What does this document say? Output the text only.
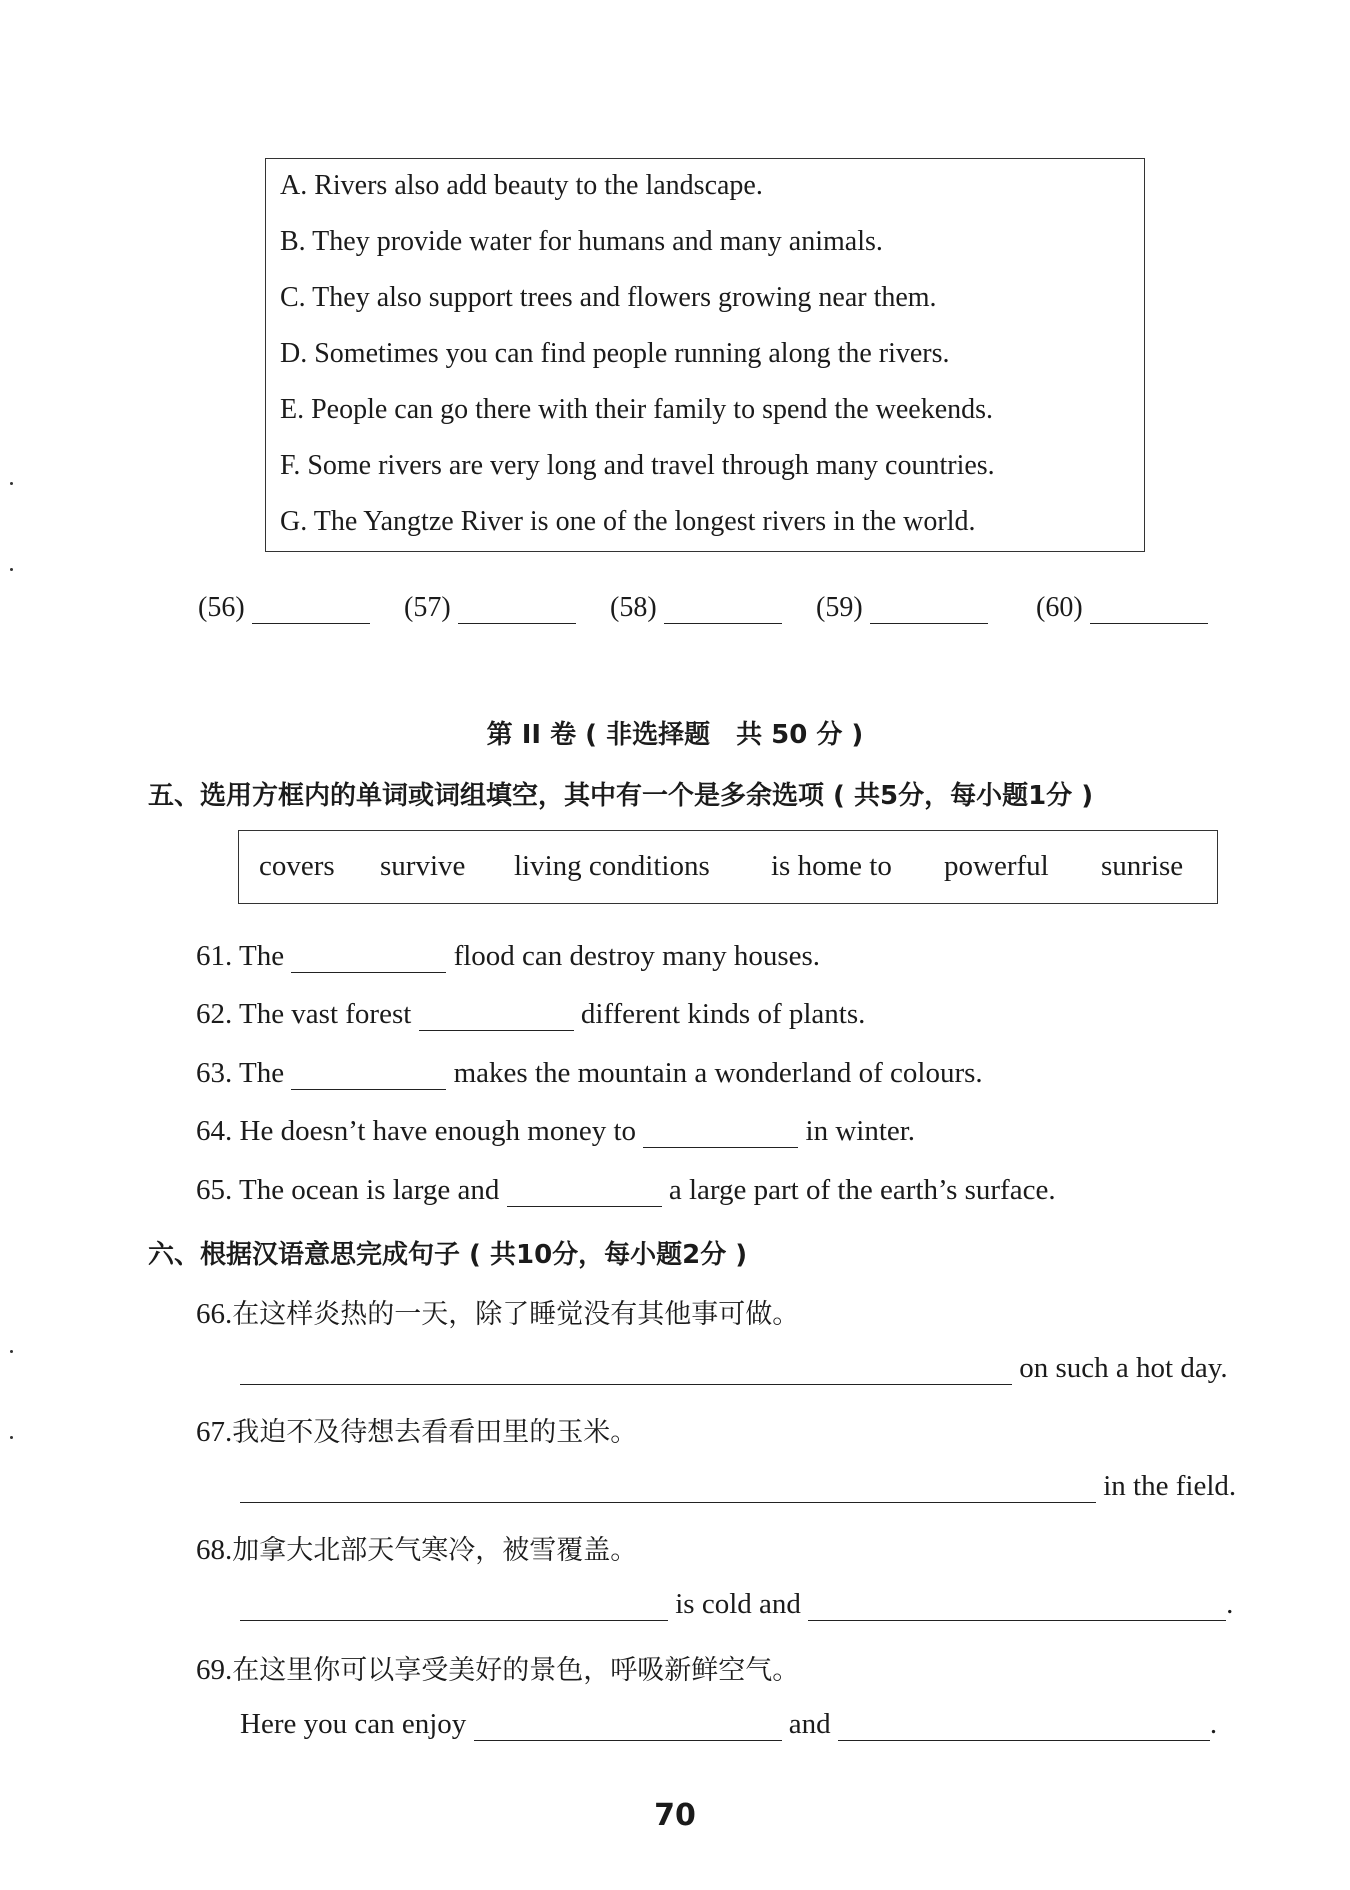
A. Rivers also add beauty to the landscape.
B. They provide water for humans and many animals.
C. They also support trees and flowers growing near them.
D. Sometimes you can find people running along the rivers.
E. People can go there with their family to spend the weekends.
F. Some rivers are very long and travel through many countries.
G. The Yangtze River is one of the longest rivers in the world.
(56)	(57)	(58)	(59)	(60)
第 II 卷 ( 非选择题　共 50 分 )
五、选用方框内的单词或词组填空，其中有一个是多余选项 ( 共5分，每小题1分 )
covers survive living conditions is home to powerful sunrise
61. The	flood can destroy many houses.
62. The vast forest	different kinds of plants.
63. The	makes the mountain a wonderland of colours.
64. He doesn’t have enough money to	in winter.
65. The ocean is large and	a large part of the earth’s surface.
六、根据汉语意思完成句子 ( 共10分，每小题2分 )
66.在这样炎热的一天，除了睡觉没有其他事可做。
on such a hot day.
67.我迫不及待想去看看田里的玉米。
in the field.
68.加拿大北部天气寒冷，被雪覆盖。
is cold and	.
69.在这里你可以享受美好的景色，呼吸新鲜空气。
Here you can enjoy	and	.
70
